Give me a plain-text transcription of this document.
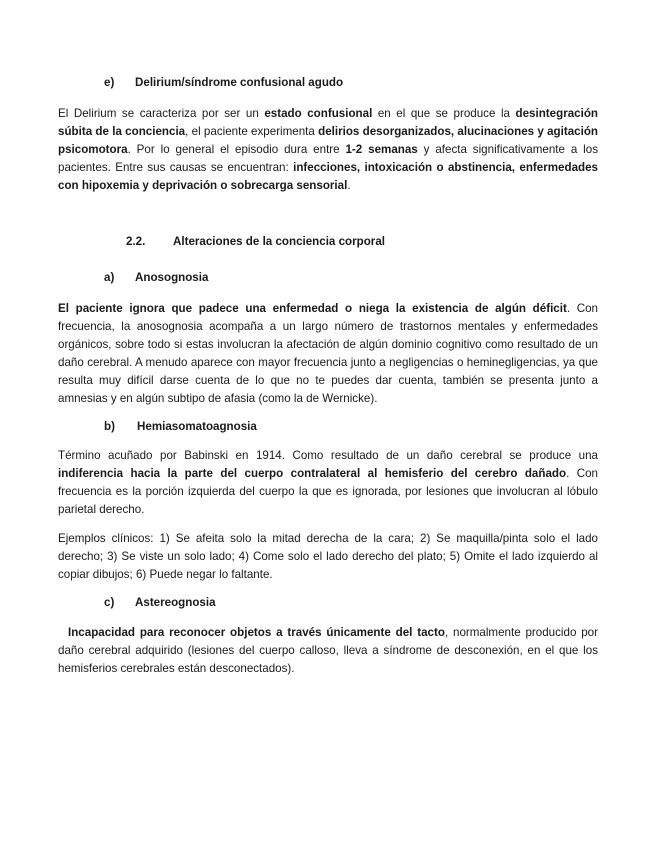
e) Delirium/síndrome confusional agudo

El Delirium se caracteriza por ser un estado confusional en el que se produce la desintegración súbita de la conciencia, el paciente experimenta delirios desorganizados, alucinaciones y agitación psicomotora. Por lo general el episodio dura entre 1-2 semanas y afecta significativamente a los pacientes. Entre sus causas se encuentran: infecciones, intoxicación o abstinencia, enfermedades con hipoxemia y deprivación o sobrecarga sensorial.

2.2. Alteraciones de la conciencia corporal
a) Anosognosia

El paciente ignora que padece una enfermedad o niega la existencia de algún déficit. Con frecuencia, la anosognosia acompaña a un largo número de trastornos mentales y enfermedades orgánicos, sobre todo si estas involucran la afectación de algún dominio cognitivo como resultado de un daño cerebral. A menudo aparece con mayor frecuencia junto a negligencias o heminegligencias, ya que resulta muy difícil darse cuenta de lo que no te puedes dar cuenta, también se presenta junto a amnesias y en algún subtipo de afasia (como la de Wernicke).

b) Hemiasomatoagnosia

Término acuñado por Babinski en 1914. Como resultado de un daño cerebral se produce una indiferencia hacia la parte del cuerpo contralateral al hemisferio del cerebro dañado. Con frecuencia es la porción izquierda del cuerpo la que es ignorada, por lesiones que involucran al lóbulo parietal derecho.

Ejemplos clínicos: 1) Se afeita solo la mitad derecha de la cara; 2) Se maquilla/pinta solo el lado derecho; 3) Se viste un solo lado; 4) Come solo el lado derecho del plato; 5) Omite el lado izquierdo al copiar dibujos; 6) Puede negar lo faltante.

c) Astereognosia

Incapacidad para reconocer objetos a través únicamente del tacto, normalmente producido por daño cerebral adquirido (lesiones del cuerpo calloso, lleva a síndrome de desconexión, en el que los hemisferios cerebrales están desconectados).
